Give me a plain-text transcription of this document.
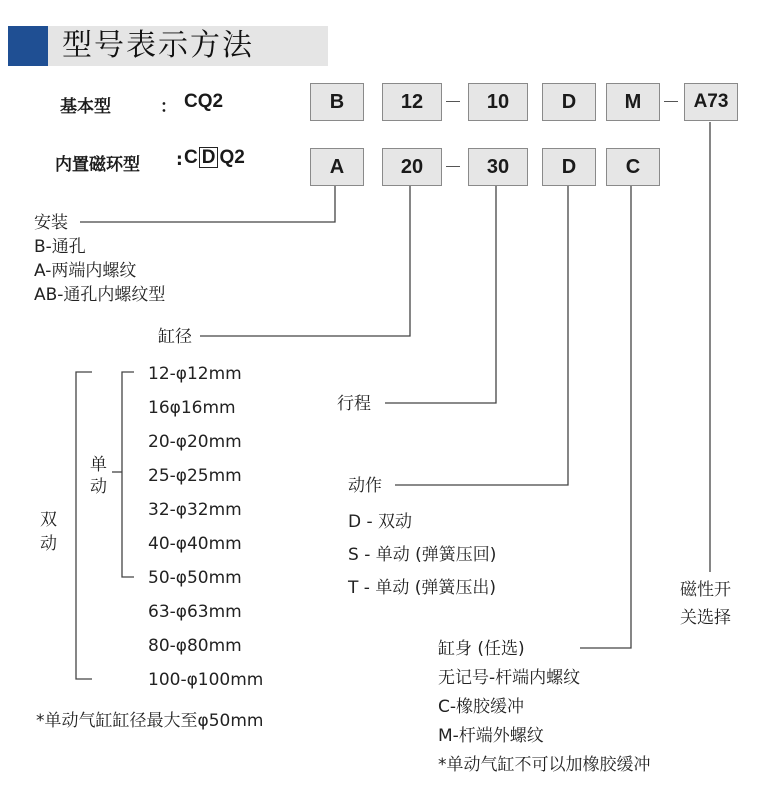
型号表示方法
基本型	： CQ2
内置磁环型 : C D Q2
B	12	10	D	M	A73
A	20	30	D	C
安装
B-通孔
A-两端内螺纹
AB-通孔内螺纹型
缸径
单
动
双
动
12-φ12mm
16φ16mm
20-φ20mm
25-φ25mm
32-φ32mm
40-φ40mm
50-φ50mm
63-φ63mm
80-φ80mm
100-φ100mm
*单动气缸缸径最大至φ50mm
行程
动作
D - 双动
S - 单动 (弹簧压回)
T - 单动 (弹簧压出)	磁性开
关选择
缸身 (任选)
无记号-杆端内螺纹
C-橡胶缓冲
M-杆端外螺纹
*单动气缸不可以加橡胶缓冲
